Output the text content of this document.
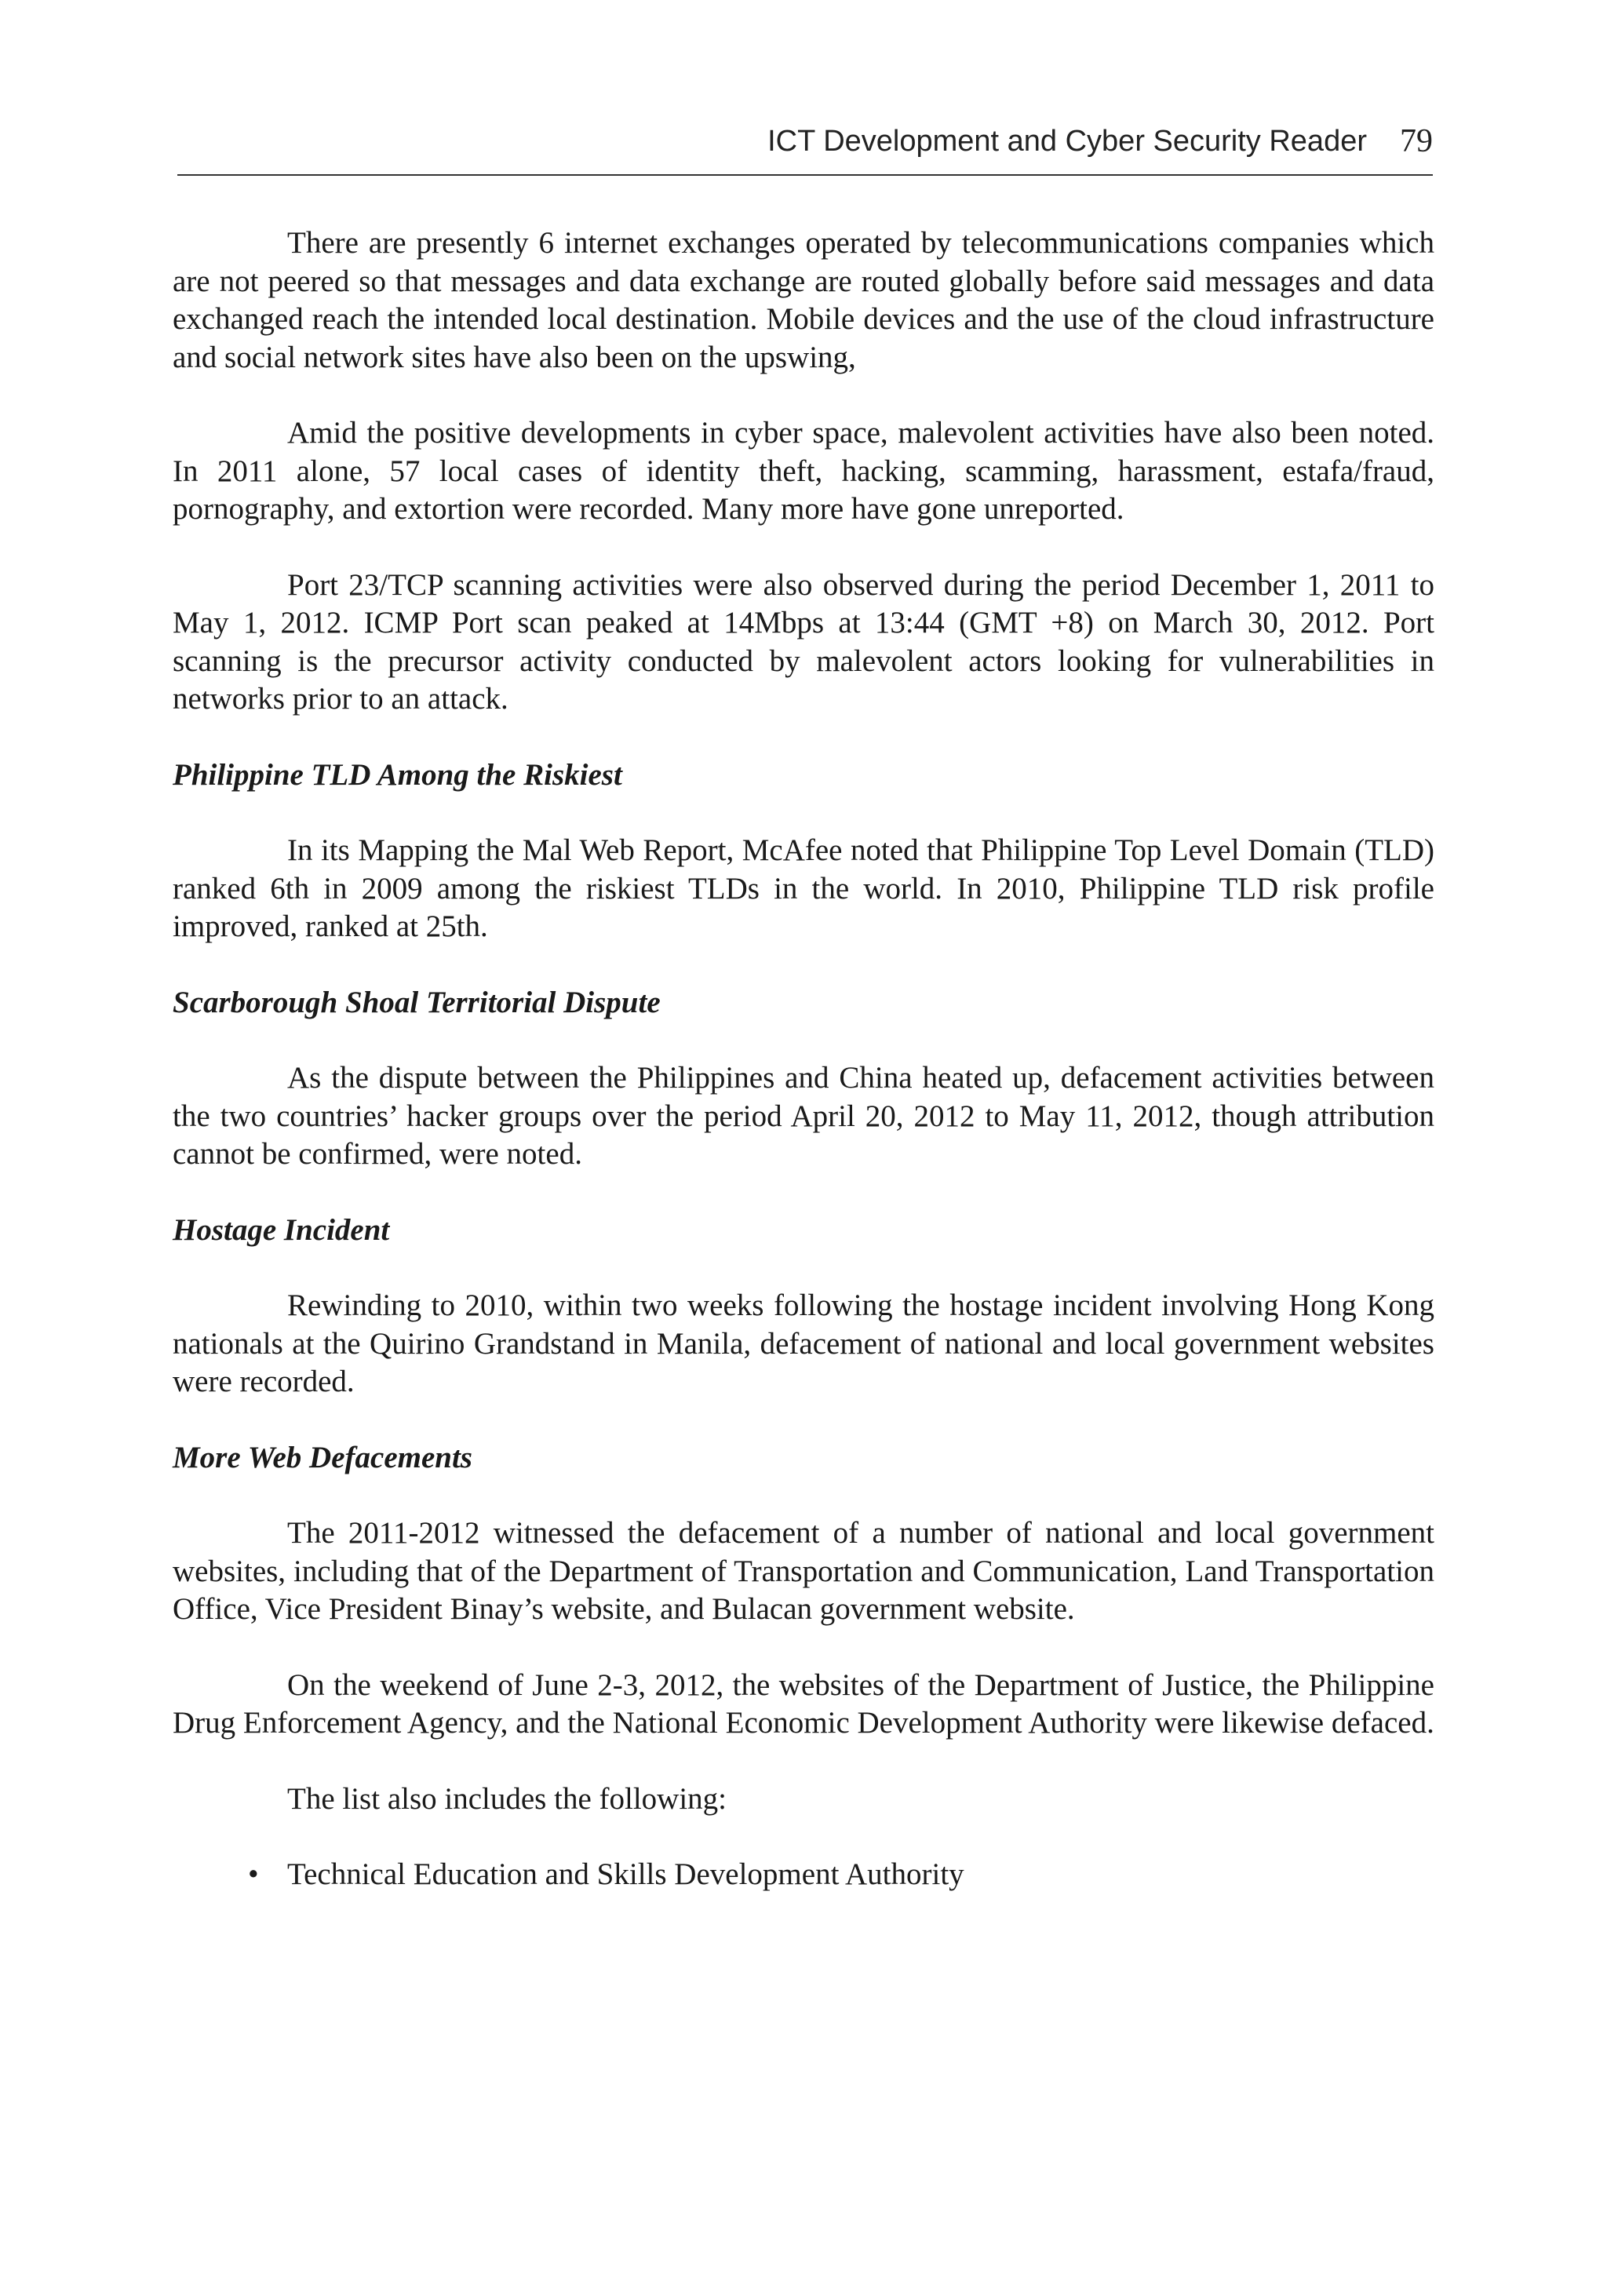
ICT Development and Cyber Security Reader 79

There are presently 6 internet exchanges operated by telecommunications companies which are not peered so that messages and data exchange are routed globally before said messages and data exchanged reach the intended local destination. Mobile devices and the use of the cloud infrastructure and social network sites have also been on the upswing,

Amid the positive developments in cyber space, malevolent activities have also been noted. In 2011 alone, 57 local cases of identity theft, hacking, scamming, harassment, estafa/fraud, pornography, and extortion were recorded. Many more have gone unreported.

Port 23/TCP scanning activities were also observed during the period December 1, 2011 to May 1, 2012. ICMP Port scan peaked at 14Mbps at 13:44 (GMT +8) on March 30, 2012. Port scanning is the precursor activity conducted by malevolent actors looking for vulnerabilities in networks prior to an attack.

Philippine TLD Among the Riskiest

In its Mapping the Mal Web Report, McAfee noted that Philippine Top Level Domain (TLD) ranked 6th in 2009 among the riskiest TLDs in the world. In 2010, Philippine TLD risk profile improved, ranked at 25th.

Scarborough Shoal Territorial Dispute

As the dispute between the Philippines and China heated up, defacement activities between the two countries’ hacker groups over the period April 20, 2012 to May 11, 2012, though attribution cannot be confirmed, were noted.

Hostage Incident

Rewinding to 2010, within two weeks following the hostage incident involving Hong Kong nationals at the Quirino Grandstand in Manila, defacement of national and local government websites were recorded.

More Web Defacements

The 2011-2012 witnessed the defacement of a number of national and local government websites, including that of the Department of Transportation and Communication, Land Transportation Office, Vice President Binay’s website, and Bulacan government website.

On the weekend of June 2-3, 2012, the websites of the Department of Justice, the Philippine Drug Enforcement Agency, and the National Economic Development Authority were likewise defaced.

The list also includes the following:

• Technical Education and Skills Development Authority
